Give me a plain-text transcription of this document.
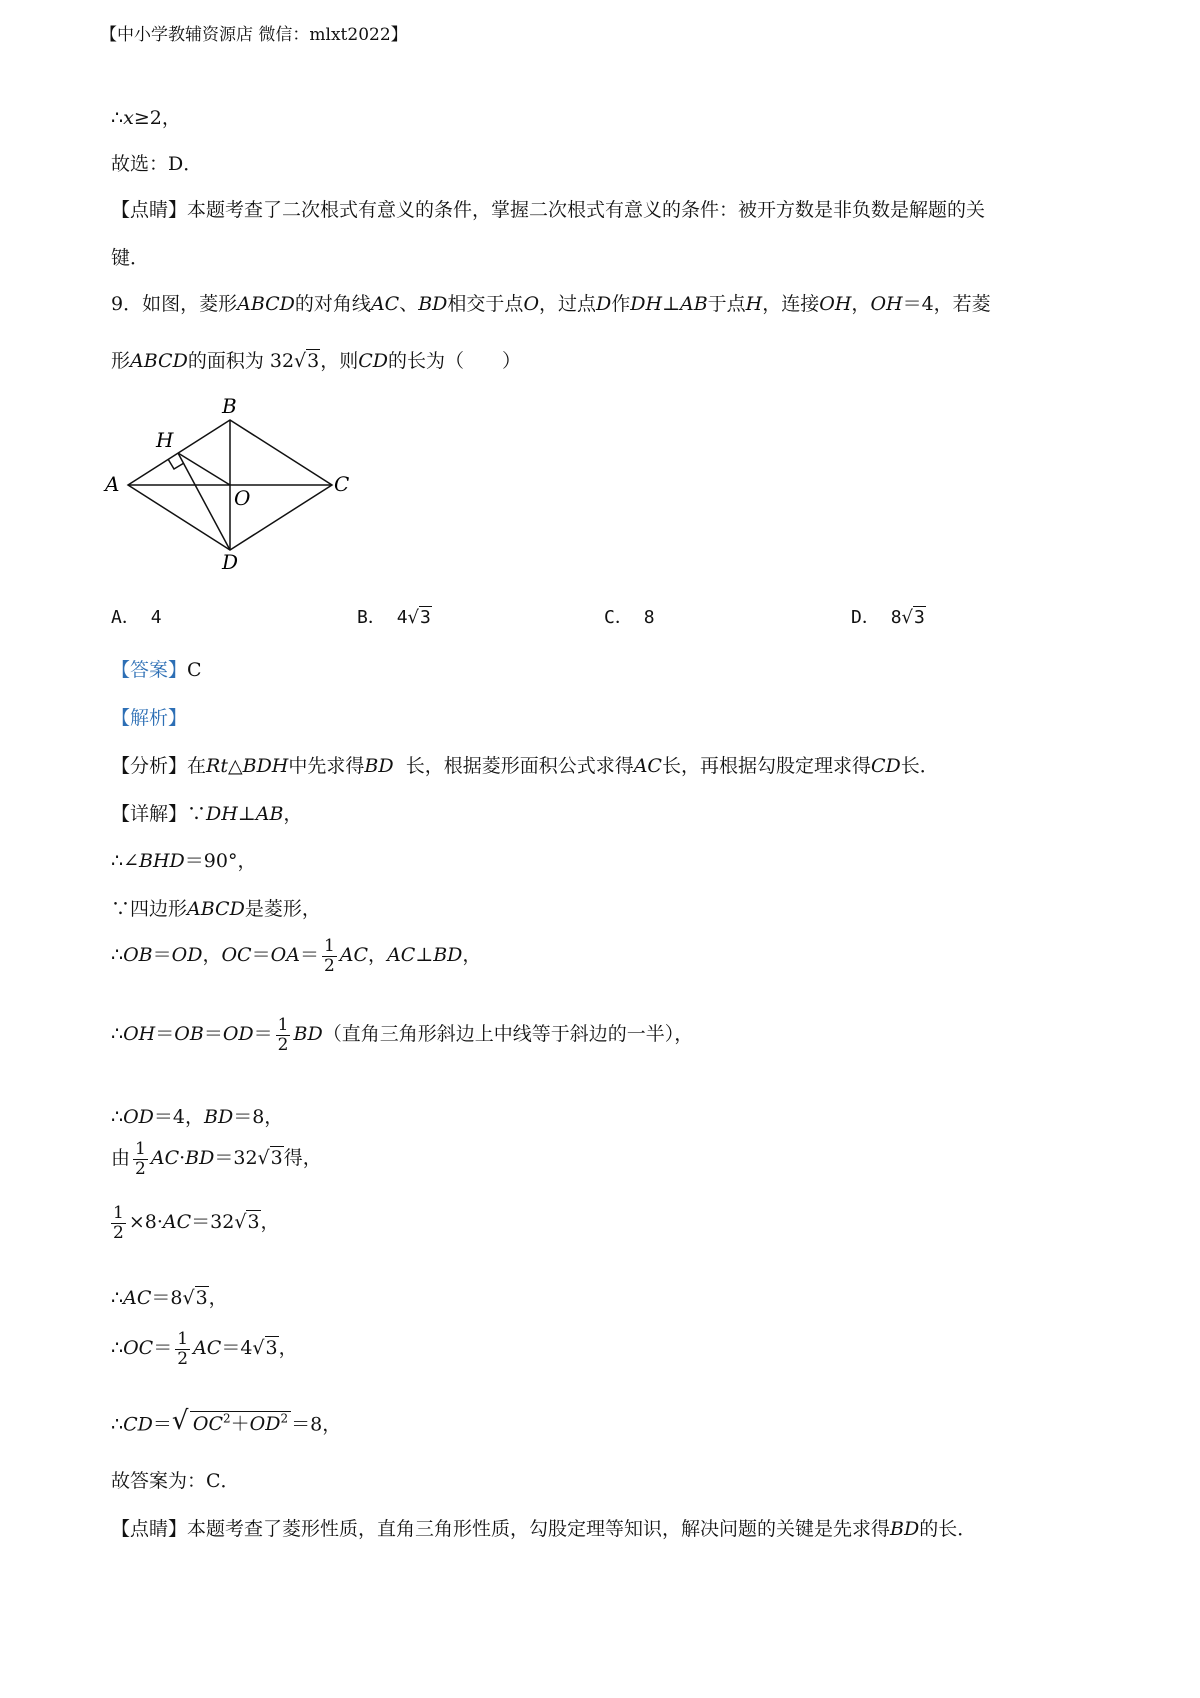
【中小学教辅资源店 微信：mlxt2022】
∴x≥2，
故选：D．
【点睛】本题考查了二次根式有意义的条件，掌握二次根式有意义的条件：被开方数是非负数是解题的关
键．
9．如图，菱形ABCD的对角线AC、BD相交于点O，过点D作DH⊥AB于点H，连接OH，OH＝4，若菱
形ABCD的面积为 32√3，则CD的长为（　　）
A
B
C
D
H
O
A． 4	B． 4√3	C． 8	D． 8√3
【答案】C
【解析】
【分析】在Rt△BDH中先求得BD 长，根据菱形面积公式求得AC长，再根据勾股定理求得CD长．
【详解】∵DH⊥AB，
∴∠BHD＝90°，
∵四边形ABCD是菱形，
∴OB＝OD，$OC=OA= \frac{1}{2}$ AC，AC⊥BD，
∴OH＝OB＝OD＝ $\frac{1}{2} BD$（直角三角形斜边上中线等于斜边的一半），
∴OD＝4，BD＝8，
由 $\frac{1}{2} AC\cdot BD=32√3$得，
$\frac{1}{2} \times 8\cdot AC=32√3$，
∴AC＝8√3，
∴OC＝ $\frac{1}{2} AC=4√3$，
∴CD＝ √ $OC^2+OD^2 =8$，
故答案为：C．
【点睛】本题考查了菱形性质，直角三角形性质，勾股定理等知识，解决问题的关键是先求得BD的长．
